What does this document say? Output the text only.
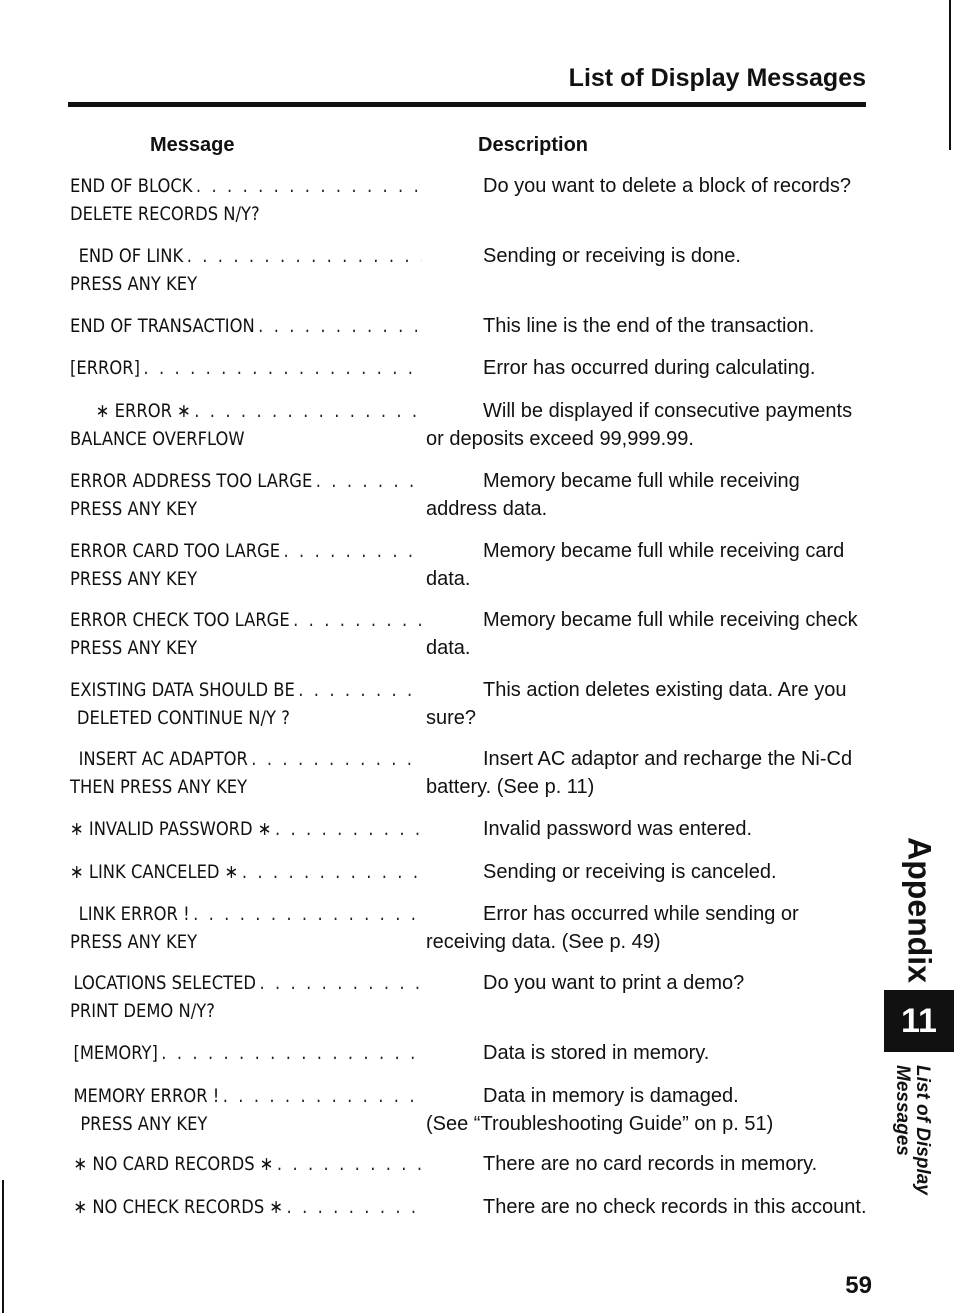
List of Display Messages
Message	Description
END OF BLOCK . . .	Do you want to delete a block of records?
DELETE RECORDS N/Y?
END OF LINK . . .	Sending or receiving is done.
PRESS ANY KEY
END OF TRANSACTION . . .	This line is the end of the transaction.
[ERROR] . . .	Error has occurred during calculating.
∗ ERROR ∗ . . .	Will be displayed if consecutive payments
BALANCE OVERFLOW	or deposits exceed 99,999.99.
ERROR ADDRESS TOO LARGE . . .	Memory became full while receiving
PRESS ANY KEY	address data.
ERROR CARD TOO LARGE . . .	Memory became full while receiving card
PRESS ANY KEY	data.
ERROR CHECK TOO LARGE . . .	Memory became full while receiving check
PRESS ANY KEY	data.
EXISTING DATA SHOULD BE . . .	This action deletes existing data. Are you
DELETED CONTINUE N/Y ?	sure?
INSERT AC ADAPTOR . . .	Insert AC adaptor and recharge the Ni-Cd
THEN PRESS ANY KEY	battery. (See p. 11)
∗ INVALID PASSWORD ∗ . . .	Invalid password was entered.
∗ LINK CANCELED ∗ . . .	Sending or receiving is canceled.
LINK ERROR ! . . .	Error has occurred while sending or
PRESS ANY KEY	receiving data. (See p. 49)
LOCATIONS SELECTED . . .	Do you want to print a demo?
PRINT DEMO N/Y?
[MEMORY] . . .	Data is stored in memory.
MEMORY ERROR ! . . .	Data in memory is damaged.
PRESS ANY KEY	(See “Troubleshooting Guide” on p. 51)
∗ NO CARD RECORDS ∗ . . .	There are no card records in memory.
∗ NO CHECK RECORDS ∗ . . .	There are no check records in this account.
Appendix
11
List of Display
Messages
59
